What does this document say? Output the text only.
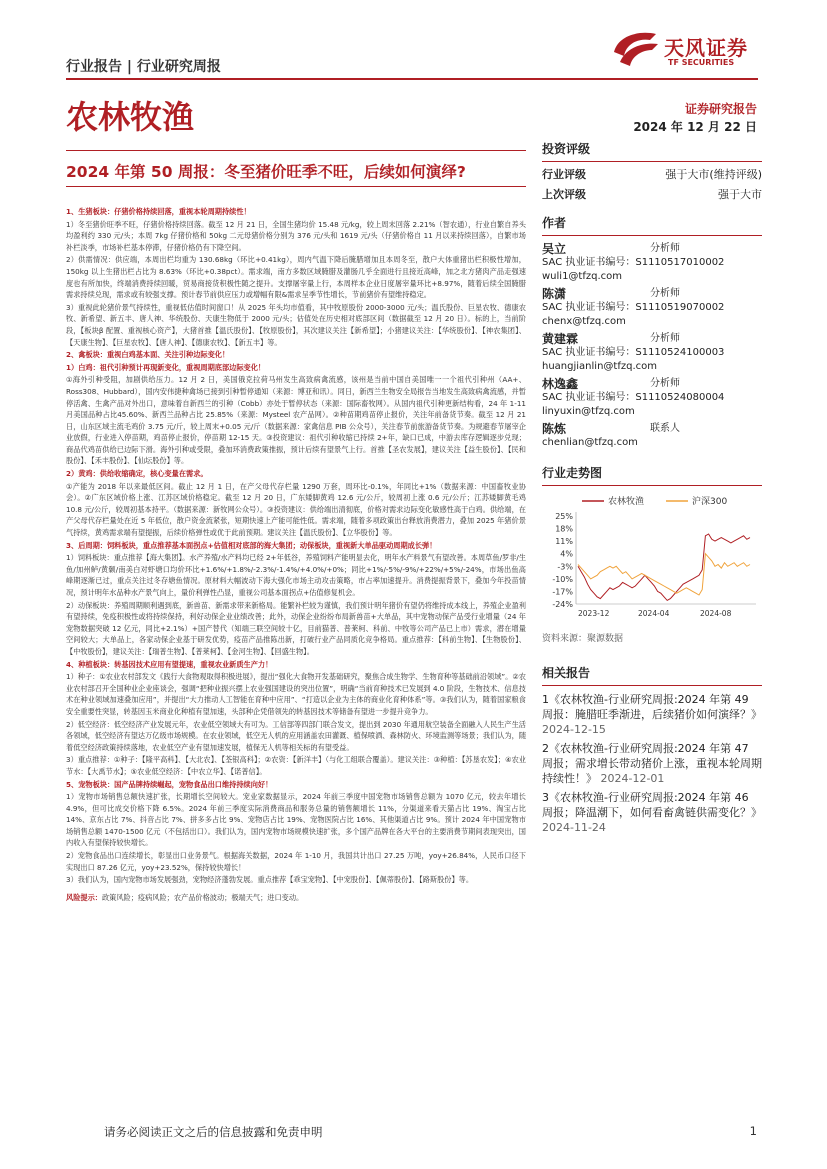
行业报告 | 行业研究周报
天风证券
TF SECURITIES
农林牧渔	证券研究报告
2024 年 12 月 22 日
2024 年第 50 周报：冬至猪价旺季不旺，后续如何演绎?

1、生猪板块：仔猪价格持续回落，重视本轮周期持续性！

1）冬至猪价旺季不旺，仔猪价格持续回落。截至 12 月 21 日，全国生猪均价 15.48 元/kg，较上周末回落 2.21%（智农通），行业自繁自养头均盈利约 330 元/头；本周 7kg 仔猪价格和 50kg 二元母猪价格分别为 376 元/头和 1619 元/头（仔猪价格自 11 月以来持续回落），自繁市场补栏淡季，市场补栏基本停滞，仔猪价格仍有下降空间。

2）供需情况：供应端，本周出栏均重为 130.68kg（环比+0.41kg），周内气温下降后腌腊增加且本周冬至，散户大体重猪出栏积极性增加，150kg 以上生猪出栏占比为 8.63%（环比+0.38pct）。需求端，南方多数区域腌腊及灌肠几乎全面进行且接近高峰，加之北方猪肉产品走强速度也有所加快，终端消费持续回暖，贸易商接货积极性随之提升。支撑屠宰量上行，本周样本企业日度屠宰量环比+8.97%，随着后续全国腌腊需求持续兑现，需求或有较强支撑。预计春节前供应压力或增幅有限&需求呈季节性增长，节前猪价有望维持稳定。

3）重视此轮猪价景气持续性，重视低估值时间窗口！从 2025 年头均市值看，其中牧原股份 2000-3000 元/头；温氏股份、巨星农牧、德康农牧、新希望、新五丰、唐人神、华统股份、天康生物低于 2000 元/头；估值处在历史相对底部区间（数据截至 12 月 20 日）。标的上，当前阶段，【板块β 配置、重视核心资产】，大猪首推【温氏股份】、【牧原股份】，其次建议关注【新希望】；小猪建议关注：【华统股份】、【神农集团】、【天康生物】、【巨星农牧】、【唐人神】、【德康农牧】、【新五丰】等。

2、禽板块：重视白鸡基本面、关注引种边际变化！

1）白鸡：祖代引种预计再现新变化，重视周期底部边际变化！

①海外引种受阻，加剧供给压力。12 月 2 日，美国俄克拉荷马州发生高致病禽流感，该州是当前中国自美国唯一一个祖代引种州（AA+、Ross308、Hubbard），国内安伟捷种禽场已接到引种暂停通知（来源：博亚和讯）。同日，新西兰生物安全局报告当地发生高致病禽流感，并暂停活禽、生禽产品对外出口，意味着自新西兰的引种（Cobb）亦处于暂停状态（来源：国际畜牧网）。从国内祖代引种更新结构看，24 年 1-11 月美国品种占比45.60%、新西兰品种占比 25.85%（来源：Mysteel 农产品网）。②种苗期鸡苗停止报价，关注年前备货节奏。截至 12 月 21 日，山东区域主流毛鸡价 3.75 元/斤，较上周末+0.05 元/斤（数据来源：家禽信息 PIB 公众号），关注春节前旅游备货节奏。为规避春节屠宰企业放假，行业进入停苗期，鸡苗停止报价，停苗期 12-15 天。③投资建议：祖代引种收缩已持续 2+年，缺口已成，中游去库存逻辑逐步兑现；商品代鸡苗供给已边际下滑。海外引种或受限，叠加环消费政策推振，预计后续有望景气上行。首推【圣农发展】，建议关注【益生股份】、【民和股份】、【禾丰股份】、【仙坛股份】等。

2）黄鸡：供给收缩确定，核心变量在需求。

①产能为 2018 年以来最低区间。截止 12 月 1 日，在产父母代存栏量 1290 万套，周环比-0.1%，年同比+1%（数据来源：中国畜牧业协会）。②广东区域价格上涨、江苏区域价格稳定。截至 12 月 20 日，广东矮脚黄鸡 12.6 元/公斤，较周初上涨 0.6 元/公斤；江苏矮脚黄毛鸡 10.8 元/公斤，较周初基本持平。（数据来源：新牧网公众号）。③投资建议：供给端出清彻底，价格对需求边际变化敏感性高于白鸡。供给端，在产父母代存栏量处在近 5 年低位，散户资金流紧张，短期快速上产能可能性低。需求端，随着多项政策出台释放消费潜力，叠加 2025 年猪价景气持续，黄鸡需求端有望提振，后续价格弹性或优于此前预期。建议关注【温氏股份】、【立华股份】等。

3、后周期：饲料板块，重点推荐基本面拐点+估值相对底部的海大集团；动保板块，重视新大单品驱动周期成长弹！

1）饲料板块：重点推荐【海大集团】。水产养殖/水产料均已经 2+年低谷，养殖饲料产能明显去化，明年水产料景气有望改善。本周草鱼/罗非/生鱼/加州鲈/黄颡/南美白对虾塘口均价环比+1.6%/+1.8%/-2.3%/-1.4%/+4.0%/+0%；同比+1%/-5%/-9%/+22%/+5%/-24%，市场出鱼高峰期逐渐已过，重点关注过冬存塘鱼情况。原材料大幅波动下海大强化市场主动攻击策略，市占率加速提升。消费提振背景下，叠加今年投苗情况，预计明年水品种水产景气向上，量价利弹性凸显，重视公司基本面拐点+估值修复机会。

2）动保板块：养殖周期顺利遇到底，新兽苗、新需求带来新格局。能繁补栏较为谨慎，我们预计明年猪价有望仍将维持成本线上，养殖企业盈利有望持续，免疫积极性或将持续保持，利好动保企业业绩改善；此外，动保企业纷纷布局新兽苗+大单品，其中宠物动保产品受行业增量（24 年宠物数据突破 12 亿元，同比+2.1%）+国产替代（知端三联空间较十亿，目前猫普、普莱柯、科前、中牧等公司产品已上市）需求，潜在增量空间较大；大单品上，各家动保企业基于研发优势，疫苗产品推陈出新，打破行业产品同质化竞争格局。重点推荐：【科前生物】、【生物股份】、【中牧股份】，建议关注：【瑞普生物】、【普莱柯】、【金河生物】、【回盛生物】。

4、种植板块：转基因技术应用有望提速，重视农业新质生产力！

1）种子：①农业农村部发文《践行大食物观取得积极进展》，提出“强化大食物开发基础研究，聚焦合成生物学、生物育种等基础前沿领域”。②农业农村部召开全国种业企业座谈会，强调“把种业振兴摆上农业强国建设的突出位置”，明确“当前育种技术已发展到 4.0 阶段，生物技术、信息技术在种业领域加速叠加应用”，并提出“大力推动人工智能在育种中应用”、“打造以企业为主体的商业化育种体系”等。③我们认为，随着国家粮食安全重要性突显，转基因玉米商业化种植有望加速，头部种企凭借领先的转基因技术等储备有望进一步提升竞争力。

2）低空经济：低空经济产业发展元年，农业低空领域大有可为。工信部等四部门联合发文，提出到 2030 年通用航空装备全面融入人民生产生活各领域，低空经济有望达万亿级市场规模。在农业领域，低空无人机的应用涵盖农田灌溉、植保喷洒、森林防火、环境监测等场景；我们认为，随着低空经济政策持续落地，农业低空产业有望加速发展，植保无人机等相关标的有望受益。

3）重点推荐：①种子：【隆平高科】、【大北农】、【荃银高科】；②农资：【新洋丰】（与化工组联合覆盖）。建议关注：③种植：【苏垦农发】；④农业节水：【大禹节水】；⑤农业低空经济：【中农立华】、【诺普信】。

5、宠物板块：国产品牌持续崛起，宠物食品出口维持持续向好！

1）宠物市场销售总额快速扩张，长期增长空间较大。宠业家数据显示，2024 年前三季度中国宠物市场销售总额为 1070 亿元，较去年增长 4.9%，但可比成交价格下降 6.5%。2024 年前三季度实际消费商品和服务总量的销售额增长 11%，分渠道来看天猫占比 19%、淘宝占比 14%、京东占比 7%、抖音占比 7%、拼多多占比 9%、宠物店占比 19%、宠物医院占比 16%、其他渠道占比 9%。预计 2024 年中国宠物市场销售总额 1470-1500 亿元（不包括出口）。我们认为，国内宠物市场规模快速扩张，多个国产品牌在各大平台的主要消费节期间表现突出，国内收入有望保持较快增长。

2）宠物食品出口连续增长，彰显出口业务景气。根据海关数据，2024 年 1-10 月，我国共计出口 27.25 万吨，yoy+26.84%，人民币口径下实现出口 87.26 亿元，yoy+23.52%，保持较快增长！

3）我们认为，国内宠物市场发展强劲，宠物经济蓬勃发展。重点推荐【乖宝宠物】、【中宠股份】、【佩蒂股份】、【路斯股份】等。

风险提示：政策风险；疫病风险；农产品价格波动；极端天气；进口变动。

投资评级
行业评级	强于大市(维持评级)
上次评级	强于大市
作者
吴立	分析师
SAC 执业证书编号：S1110517010002
wuli1@tfzq.com
陈潇	分析师
SAC 执业证书编号：S1110519070002
chenx@tfzq.com
黄建霖	分析师
SAC 执业证书编号：S1110524100003
huangjianlin@tfzq.com
林逸鑫	分析师
SAC 执业证书编号：S1110524080004
linyuxin@tfzq.com
陈炼	联系人
chenlian@tfzq.com
行业走势图
25%
18%
11%
4%
-3%
-10%
-17%
-24%
2023-12	2024-04	2024-08
农林牧渔	沪深300
资料来源：聚源数据
相关报告
1《农林牧渔-行业研究周报:2024 年第 49 周报：腌腊旺季渐进，后续猪价如何演绎？》 2024-12-15
2《农林牧渔-行业研究周报:2024 年第 47 周报；需求增长带动猪价上涨，重视本轮周期持续性！》 2024-12-01
3《农林牧渔-行业研究周报:2024 年第 46 周报；降温潮下，如何看畜禽链供需变化？》 2024-11-24
请务必阅读正文之后的信息披露和免责申明	1
